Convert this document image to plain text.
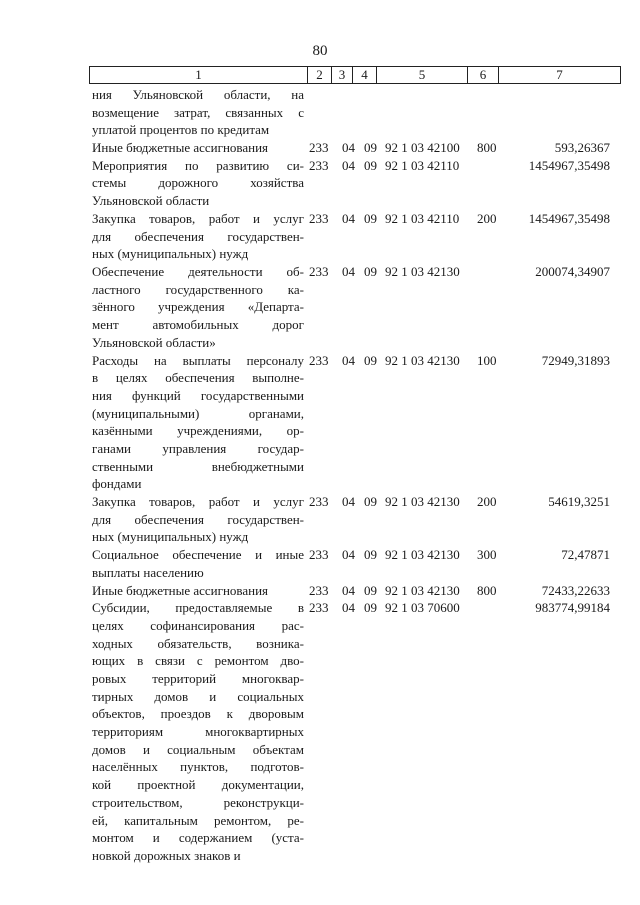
80
1	2	3	4	5	6	7
ния Ульяновской области, на
возмещение затрат, связанных с
уплатой процентов по кредитам
Иные бюджетные ассигнования	233 04 09 92 1 03 42100 800	593,26367
Мероприятия по развитию си-
стемы дорожного хозяйства
Ульяновской области
233 04 09 92 1 03 42110	1454967,35498
Закупка товаров, работ и услуг
для обеспечения государствен-
ных (муниципальных) нужд
233 04 09 92 1 03 42110 200 1454967,35498
Обеспечение деятельности об-
ластного государственного ка-
зённого учреждения «Департа-
мент автомобильных дорог
Ульяновской области»
233 04 09 92 1 03 42130	200074,34907
Расходы на выплаты персоналу
в целях обеспечения выполне-
ния функций государственными
(муниципальными) органами,
казёнными учреждениями, ор-
ганами управления государ-
ственными внебюджетными
фондами
233 04 09 92 1 03 42130 100	72949,31893
Закупка товаров, работ и услуг
для обеспечения государствен-
ных (муниципальных) нужд
233 04 09 92 1 03 42130 200	54619,3251
Социальное обеспечение и иные
выплаты населению
233 04 09 92 1 03 42130 300	72,47871
Иные бюджетные ассигнования	233 04 09 92 1 03 42130 800	72433,22633
Субсидии, предоставляемые в
целях софинансирования рас-
ходных обязательств, возника-
ющих в связи с ремонтом дво-
ровых территорий многоквар-
тирных домов и социальных
объектов, проездов к дворовым
территориям многоквартирных
домов и социальным объектам
населённых пунктов, подготов-
кой проектной документации,
строительством, реконструкци-
ей, капитальным ремонтом, ре-
монтом и содержанием (уста-
новкой дорожных знаков и
233 04 09 92 1 03 70600	983774,99184
